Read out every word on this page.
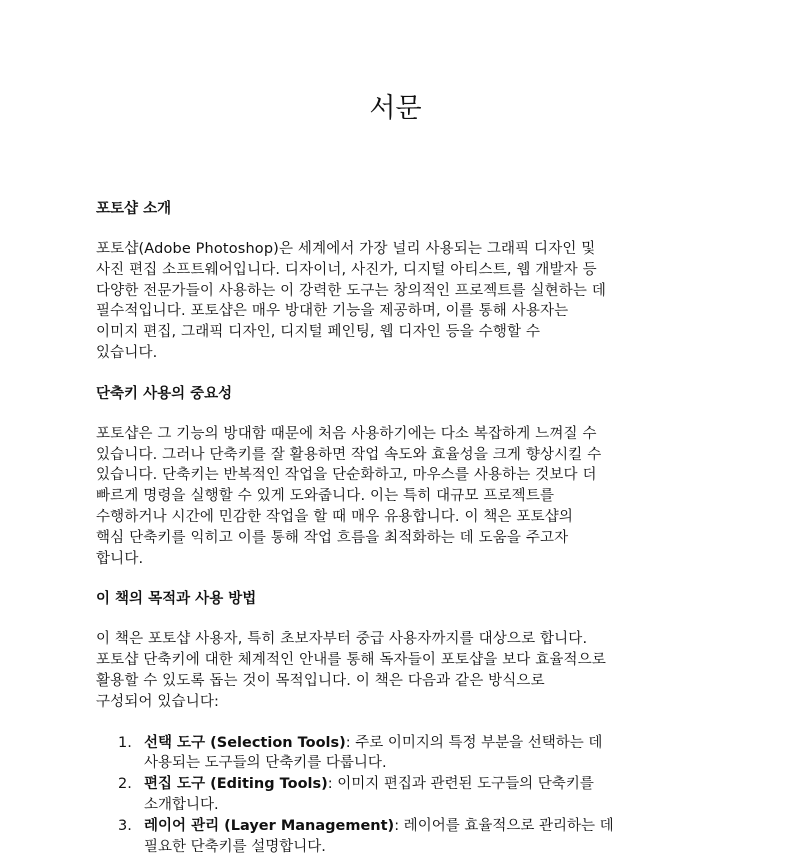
서문
포토샵 소개
포토샵(Adobe Photoshop)은 세계에서 가장 널리 사용되는 그래픽 디자인 및
사진 편집 소프트웨어입니다. 디자이너, 사진가, 디지털 아티스트, 웹 개발자 등
다양한 전문가들이 사용하는 이 강력한 도구는 창의적인 프로젝트를 실현하는 데
필수적입니다. 포토샵은 매우 방대한 기능을 제공하며, 이를 통해 사용자는
이미지 편집, 그래픽 디자인, 디지털 페인팅, 웹 디자인 등을 수행할 수
있습니다.
단축키 사용의 중요성
포토샵은 그 기능의 방대함 때문에 처음 사용하기에는 다소 복잡하게 느껴질 수
있습니다. 그러나 단축키를 잘 활용하면 작업 속도와 효율성을 크게 향상시킬 수
있습니다. 단축키는 반복적인 작업을 단순화하고, 마우스를 사용하는 것보다 더
빠르게 명령을 실행할 수 있게 도와줍니다. 이는 특히 대규모 프로젝트를
수행하거나 시간에 민감한 작업을 할 때 매우 유용합니다. 이 책은 포토샵의
핵심 단축키를 익히고 이를 통해 작업 흐름을 최적화하는 데 도움을 주고자
합니다.
이 책의 목적과 사용 방법
이 책은 포토샵 사용자, 특히 초보자부터 중급 사용자까지를 대상으로 합니다.
포토샵 단축키에 대한 체계적인 안내를 통해 독자들이 포토샵을 보다 효율적으로
활용할 수 있도록 돕는 것이 목적입니다. 이 책은 다음과 같은 방식으로
구성되어 있습니다:
1. 선택 도구 (Selection Tools): 주로 이미지의 특정 부분을 선택하는 데
사용되는 도구들의 단축키를 다룹니다.
2. 편집 도구 (Editing Tools): 이미지 편집과 관련된 도구들의 단축키를
소개합니다.
3. 레이어 관리 (Layer Management): 레이어를 효율적으로 관리하는 데
필요한 단축키를 설명합니다.
